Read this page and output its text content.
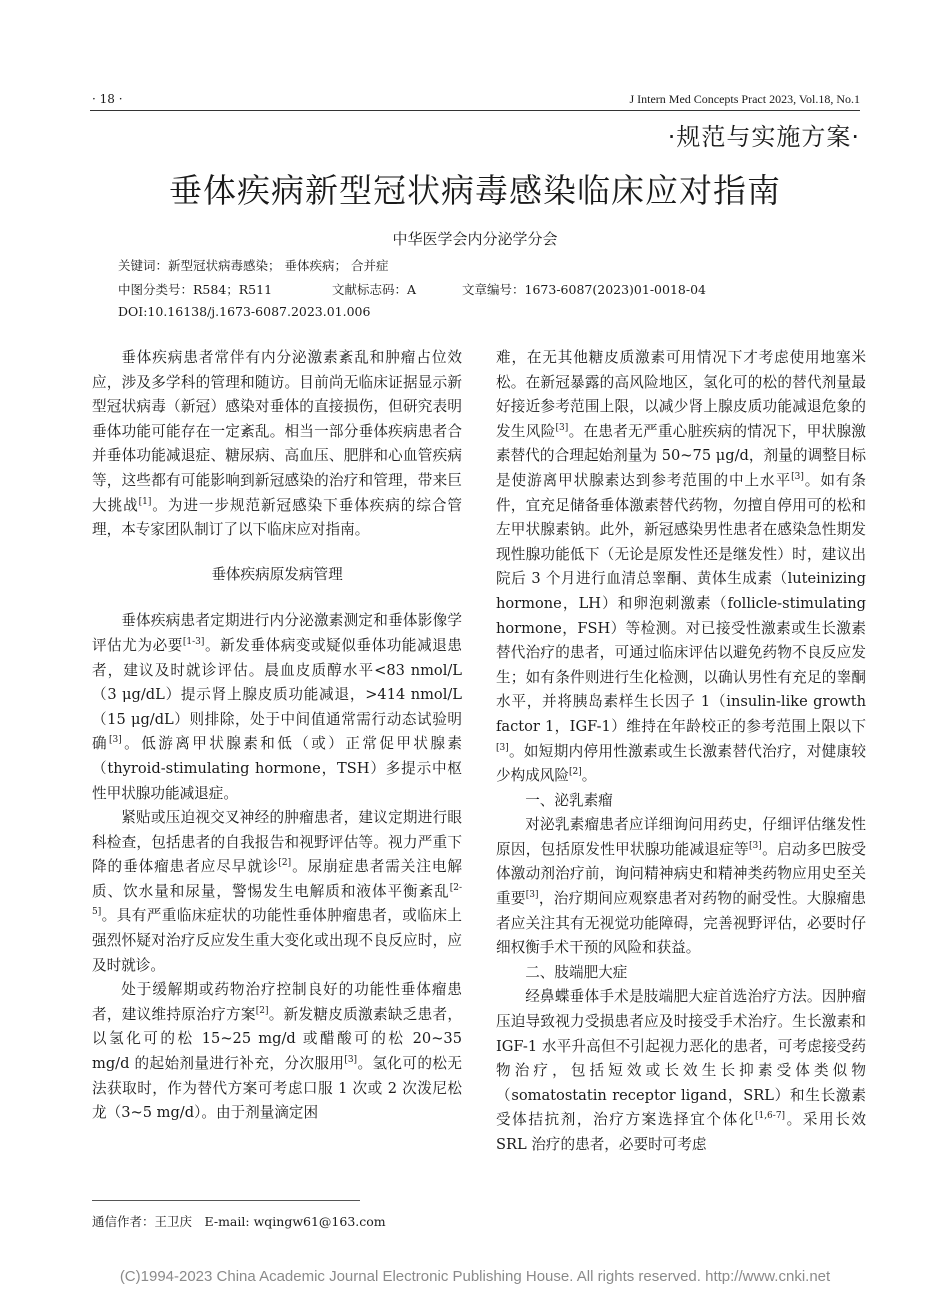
· 18 ·	J Intern Med Concepts Pract 2023, Vol.18, No.1
·规范与实施方案·
垂体疾病新型冠状病毒感染临床应对指南
中华医学会内分泌学分会
关键词：新型冠状病毒感染； 垂体疾病； 合并症
中图分类号：R584；R511	文献标志码：A	文章编号：1673-6087(2023)01-0018-04
DOI:10.16138/j.1673-6087.2023.01.006

垂体疾病患者常伴有内分泌激素紊乱和肿瘤占位效应，涉及多学科的管理和随访。目前尚无临床证据显示新型冠状病毒（新冠）感染对垂体的直接损伤，但研究表明垂体功能可能存在一定紊乱。相当一部分垂体疾病患者合并垂体功能减退症、糖尿病、高血压、肥胖和心血管疾病等，这些都有可能影响到新冠感染的治疗和管理，带来巨大挑战[1]。为进一步规范新冠感染下垂体疾病的综合管理，本专家团队制订了以下临床应对指南。

垂体疾病原发病管理

垂体疾病患者定期进行内分泌激素测定和垂体影像学评估尤为必要[1-3]。新发垂体病变或疑似垂体功能减退患者，建议及时就诊评估。晨血皮质醇水平<83 nmol/L（3 μg/dL）提示肾上腺皮质功能减退，>414 nmol/L（15 μg/dL）则排除，处于中间值通常需行动态试验明确[3]。低游离甲状腺素和低（或）正常促甲状腺素（thyroid-stimulating hormone，TSH）多提示中枢性甲状腺功能减退症。

紧贴或压迫视交叉神经的肿瘤患者，建议定期进行眼科检查，包括患者的自我报告和视野评估等。视力严重下降的垂体瘤患者应尽早就诊[2]。尿崩症患者需关注电解质、饮水量和尿量，警惕发生电解质和液体平衡紊乱[2-5]。具有严重临床症状的功能性垂体肿瘤患者，或临床上强烈怀疑对治疗反应发生重大变化或出现不良反应时，应及时就诊。

处于缓解期或药物治疗控制良好的功能性垂体瘤患者，建议维持原治疗方案[2]。新发糖皮质激素缺乏患者，以氢化可的松 15~25 mg/d 或醋酸可的松 20~35 mg/d 的起始剂量进行补充，分次服用[3]。氢化可的松无法获取时，作为替代方案可考虑口服 1 次或 2 次泼尼松龙（3~5 mg/d）。由于剂量滴定困

难，在无其他糖皮质激素可用情况下才考虑使用地塞米松。在新冠暴露的高风险地区，氢化可的松的替代剂量最好接近参考范围上限，以减少肾上腺皮质功能减退危象的发生风险[3]。在患者无严重心脏疾病的情况下，甲状腺激素替代的合理起始剂量为 50~75 μg/d，剂量的调整目标是使游离甲状腺素达到参考范围的中上水平[3]。如有条件，宜充足储备垂体激素替代药物，勿擅自停用可的松和左甲状腺素钠。此外，新冠感染男性患者在感染急性期发现性腺功能低下（无论是原发性还是继发性）时，建议出院后 3 个月进行血清总睾酮、黄体生成素（luteinizing hormone，LH）和卵泡刺激素（follicle-stimulating hormone，FSH）等检测。对已接受性激素或生长激素替代治疗的患者，可通过临床评估以避免药物不良反应发生；如有条件则进行生化检测，以确认男性有充足的睾酮水平，并将胰岛素样生长因子 1（insulin-like growth factor 1，IGF-1）维持在年龄校正的参考范围上限以下[3]。如短期内停用性激素或生长激素替代治疗，对健康较少构成风险[2]。

一、泌乳素瘤

对泌乳素瘤患者应详细询问用药史，仔细评估继发性原因，包括原发性甲状腺功能减退症等[3]。启动多巴胺受体激动剂治疗前，询问精神病史和精神类药物应用史至关重要[3]，治疗期间应观察患者对药物的耐受性。大腺瘤患者应关注其有无视觉功能障碍，完善视野评估，必要时仔细权衡手术干预的风险和获益。

二、肢端肥大症

经鼻蝶垂体手术是肢端肥大症首选治疗方法。因肿瘤压迫导致视力受损患者应及时接受手术治疗。生长激素和 IGF-1 水平升高但不引起视力恶化的患者，可考虑接受药物治疗，包括短效或长效生长抑素受体类似物（somatostatin receptor ligand，SRL）和生长激素受体拮抗剂，治疗方案选择宜个体化[1,6-7]。采用长效 SRL 治疗的患者，必要时可考虑

通信作者：王卫庆　E-mail: wqingw61@163.com
(C)1994-2023 China Academic Journal Electronic Publishing House. All rights reserved. http://www.cnki.net
